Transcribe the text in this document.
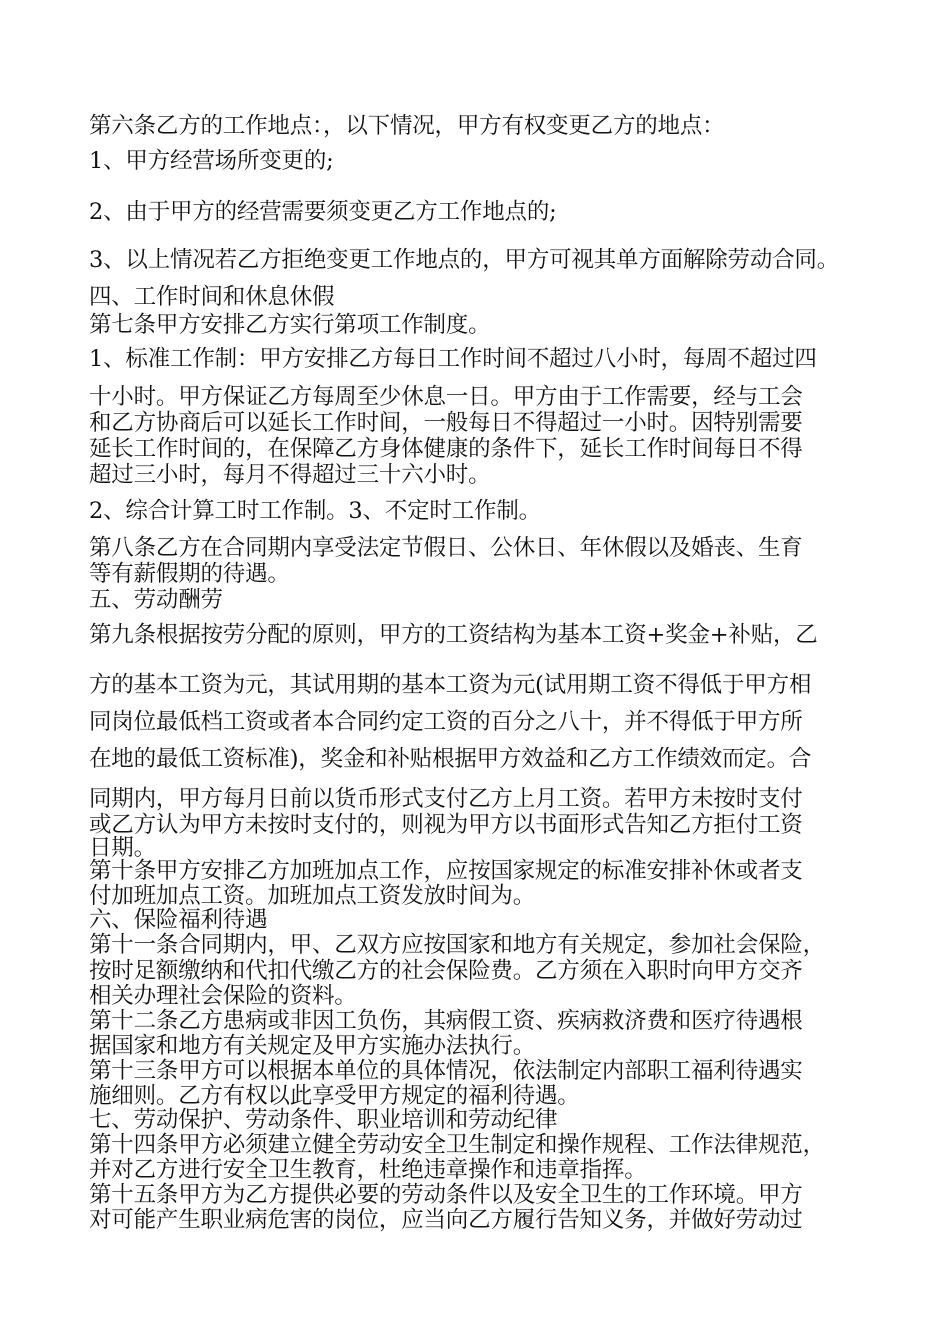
第六条乙方的工作地点：，以下情况，甲方有权变更乙方的地点：

1、甲方经营场所变更的;

2、由于甲方的经营需要须变更乙方工作地点的;

3、以上情况若乙方拒绝变更工作地点的，甲方可视其单方面解除劳动合同。

四、工作时间和休息休假

第七条甲方安排乙方实行第项工作制度。

1、标准工作制：甲方安排乙方每日工作时间不超过八小时，每周不超过四

十小时。甲方保证乙方每周至少休息一日。甲方由于工作需要，经与工会

和乙方协商后可以延长工作时间，一般每日不得超过一小时。因特别需要

延长工作时间的，在保障乙方身体健康的条件下，延长工作时间每日不得

超过三小时，每月不得超过三十六小时。

2、综合计算工时工作制。3、不定时工作制。

第八条乙方在合同期内享受法定节假日、公休日、年休假以及婚丧、生育

等有薪假期的待遇。

五、劳动酬劳

第九条根据按劳分配的原则，甲方的工资结构为基本工资+奖金+补贴，乙

方的基本工资为元，其试用期的基本工资为元(试用期工资不得低于甲方相

同岗位最低档工资或者本合同约定工资的百分之八十，并不得低于甲方所

在地的最低工资标准)，奖金和补贴根据甲方效益和乙方工作绩效而定。合

同期内，甲方每月日前以货币形式支付乙方上月工资。若甲方未按时支付

或乙方认为甲方未按时支付的，则视为甲方以书面形式告知乙方拒付工资

日期。

第十条甲方安排乙方加班加点工作，应按国家规定的标准安排补休或者支

付加班加点工资。加班加点工资发放时间为。

六、保险福利待遇

第十一条合同期内，甲、乙双方应按国家和地方有关规定，参加社会保险，

按时足额缴纳和代扣代缴乙方的社会保险费。乙方须在入职时向甲方交齐

相关办理社会保险的资料。

第十二条乙方患病或非因工负伤，其病假工资、疾病救济费和医疗待遇根

据国家和地方有关规定及甲方实施办法执行。

第十三条甲方可以根据本单位的具体情况，依法制定内部职工福利待遇实

施细则。乙方有权以此享受甲方规定的福利待遇。

七、劳动保护、劳动条件、职业培训和劳动纪律

第十四条甲方必须建立健全劳动安全卫生制定和操作规程、工作法律规范，

并对乙方进行安全卫生教育，杜绝违章操作和违章指挥。

第十五条甲方为乙方提供必要的劳动条件以及安全卫生的工作环境。甲方

对可能产生职业病危害的岗位，应当向乙方履行告知义务，并做好劳动过
